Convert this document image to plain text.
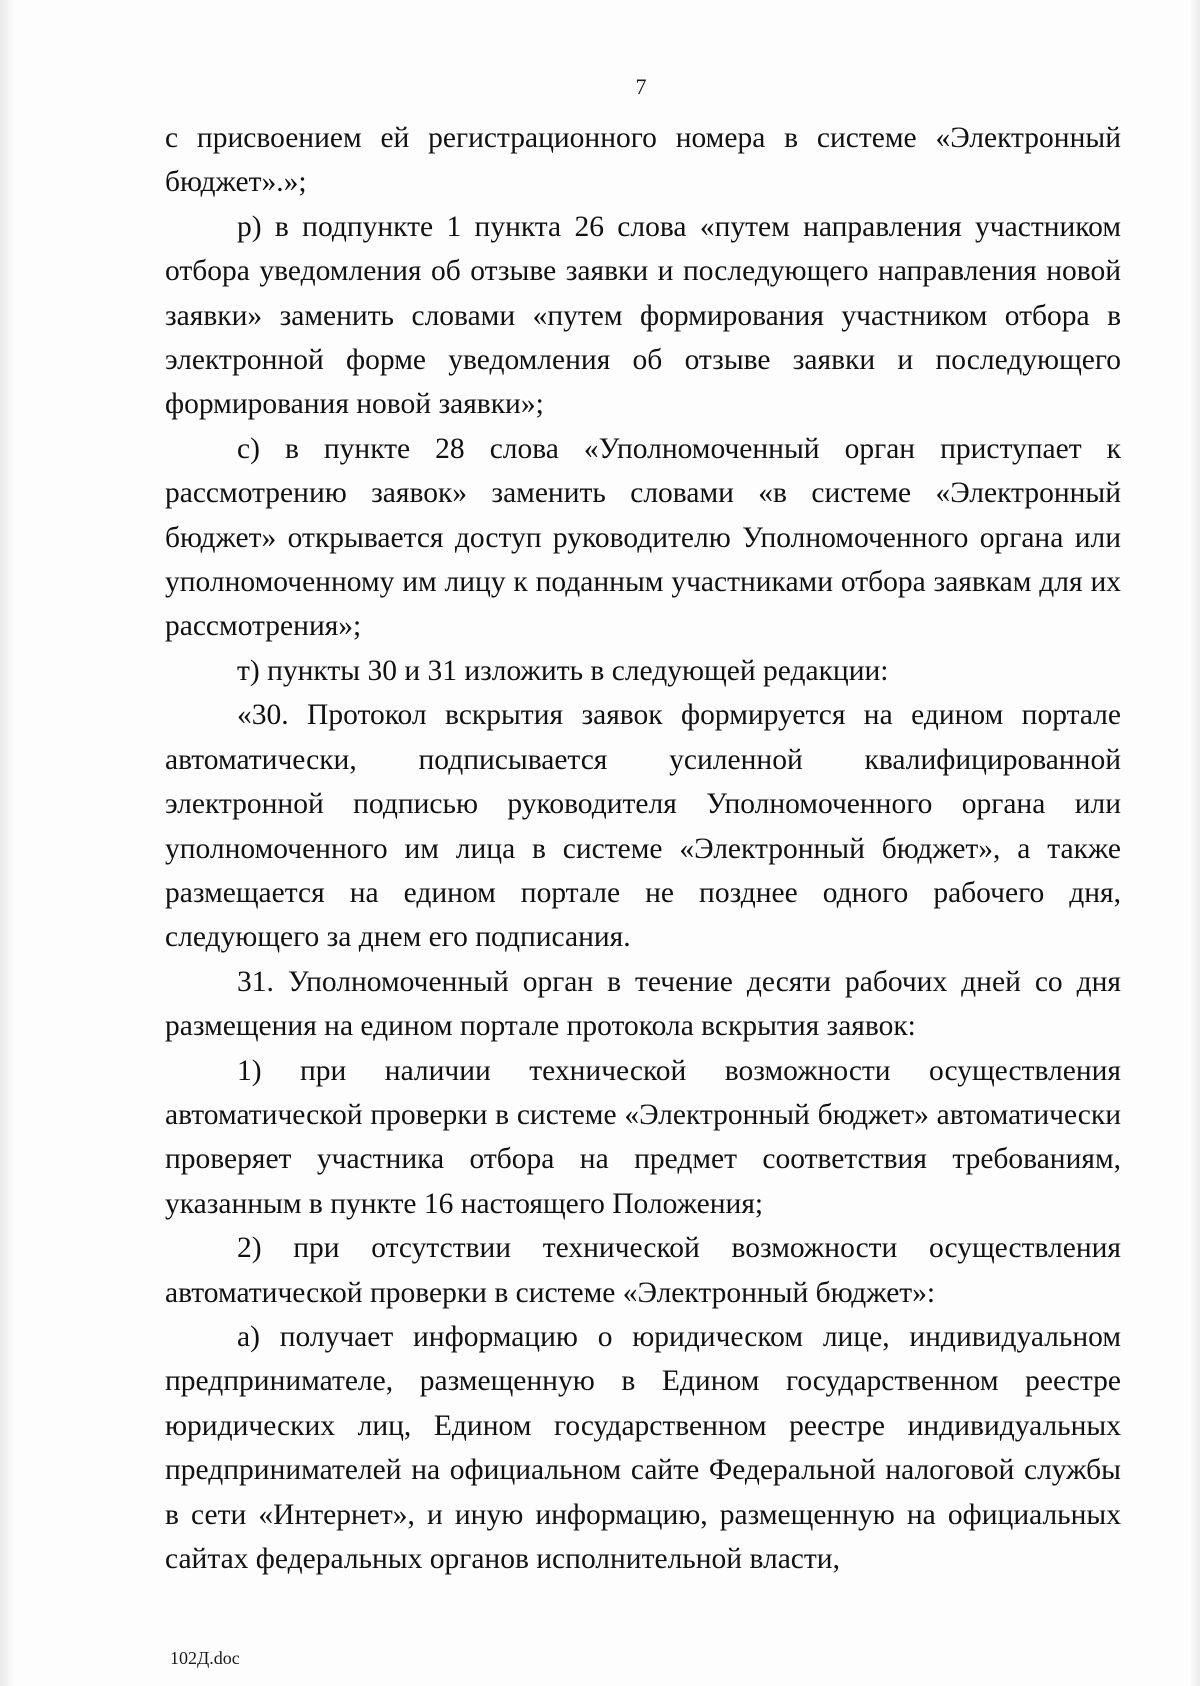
7

с присвоением ей регистрационного номера в системе «Электронный бюджет».»;

р) в подпункте 1 пункта 26 слова «путем направления участником отбора уведомления об отзыве заявки и последующего направления новой заявки» заменить словами «путем формирования участником отбора в электронной форме уведомления об отзыве заявки и последующего формирования новой заявки»;

с) в пункте 28 слова «Уполномоченный орган приступает к рассмотрению заявок» заменить словами «в системе «Электронный бюджет» открывается доступ руководителю Уполномоченного органа или уполномоченному им лицу к поданным участниками отбора заявкам для их рассмотрения»;

т) пункты 30 и 31 изложить в следующей редакции:

«30. Протокол вскрытия заявок формируется на едином портале автоматически, подписывается усиленной квалифицированной электронной подписью руководителя Уполномоченного органа или уполномоченного им лица в системе «Электронный бюджет», а также размещается на едином портале не позднее одного рабочего дня, следующего за днем его подписания.

31. Уполномоченный орган в течение десяти рабочих дней со дня размещения на едином портале протокола вскрытия заявок:

1) при наличии технической возможности осуществления автоматической проверки в системе «Электронный бюджет» автоматически проверяет участника отбора на предмет соответствия требованиям, указанным в пункте 16 настоящего Положения;

2) при отсутствии технической возможности осуществления автоматической проверки в системе «Электронный бюджет»:

а) получает информацию о юридическом лице, индивидуальном предпринимателе, размещенную в Едином государственном реестре юридических лиц, Едином государственном реестре индивидуальных предпринимателей на официальном сайте Федеральной налоговой службы в сети «Интернет», и иную информацию, размещенную на официальных сайтах федеральных органов исполнительной власти,

102Д.doc
